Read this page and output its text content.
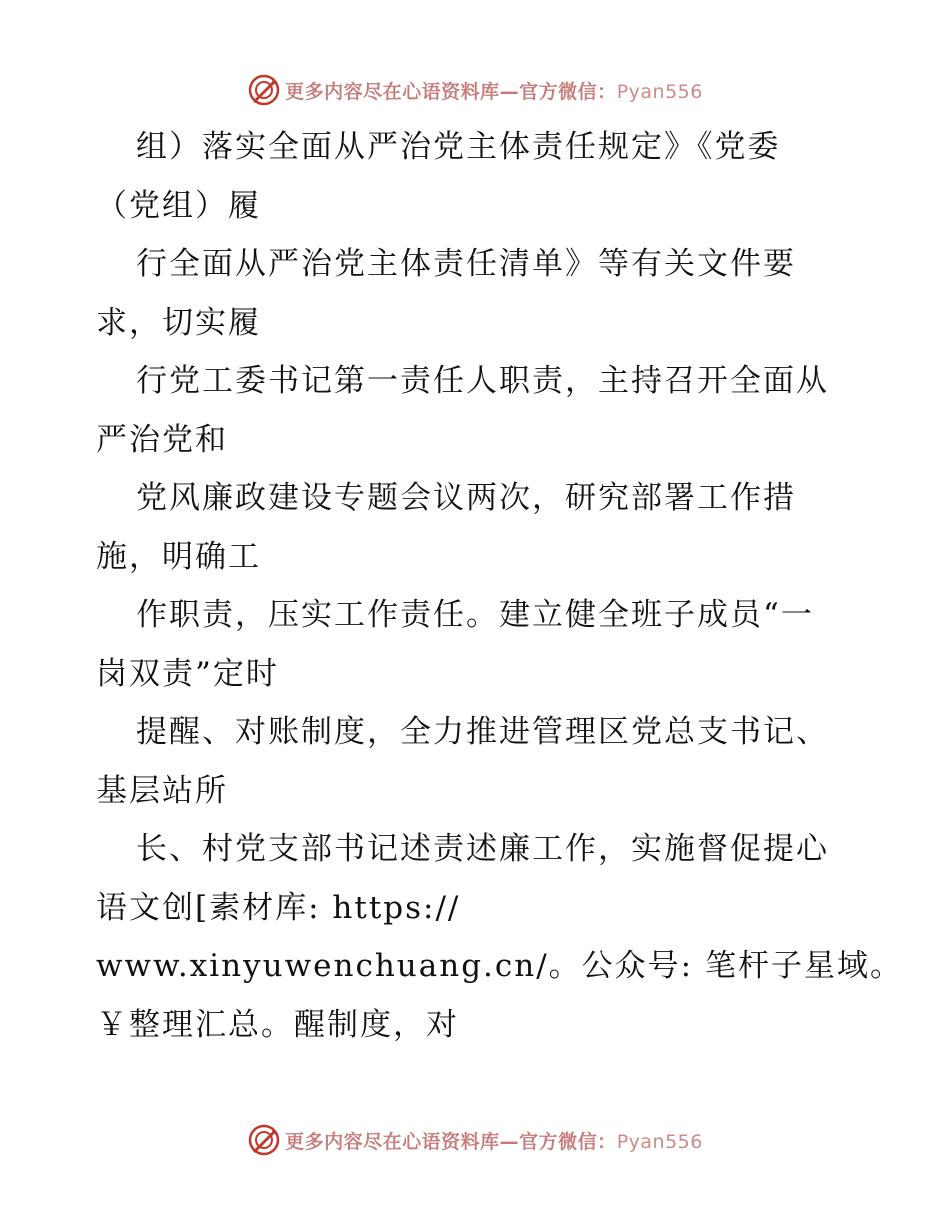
更多内容尽在心语资料库—官方微信：Pyan556
组）落实全面从严治党主体责任规定》《党委
（党组）履
行全面从严治党主体责任清单》等有关文件要
求，切实履
行党工委书记第一责任人职责，主持召开全面从
严治党和
党风廉政建设专题会议两次，研究部署工作措
施，明确工
作职责，压实工作责任。建立健全班子成员“一
岗双责”定时
提醒、对账制度，全力推进管理区党总支书记、
基层站所
长、村党支部书记述责述廉工作，实施督促提心
语文创[素材库: https://
www.xinyuwenchuang.cn/。公众号: 笔杆子星域。
￥整理汇总。醒制度，对
更多内容尽在心语资料库—官方微信：Pyan556
